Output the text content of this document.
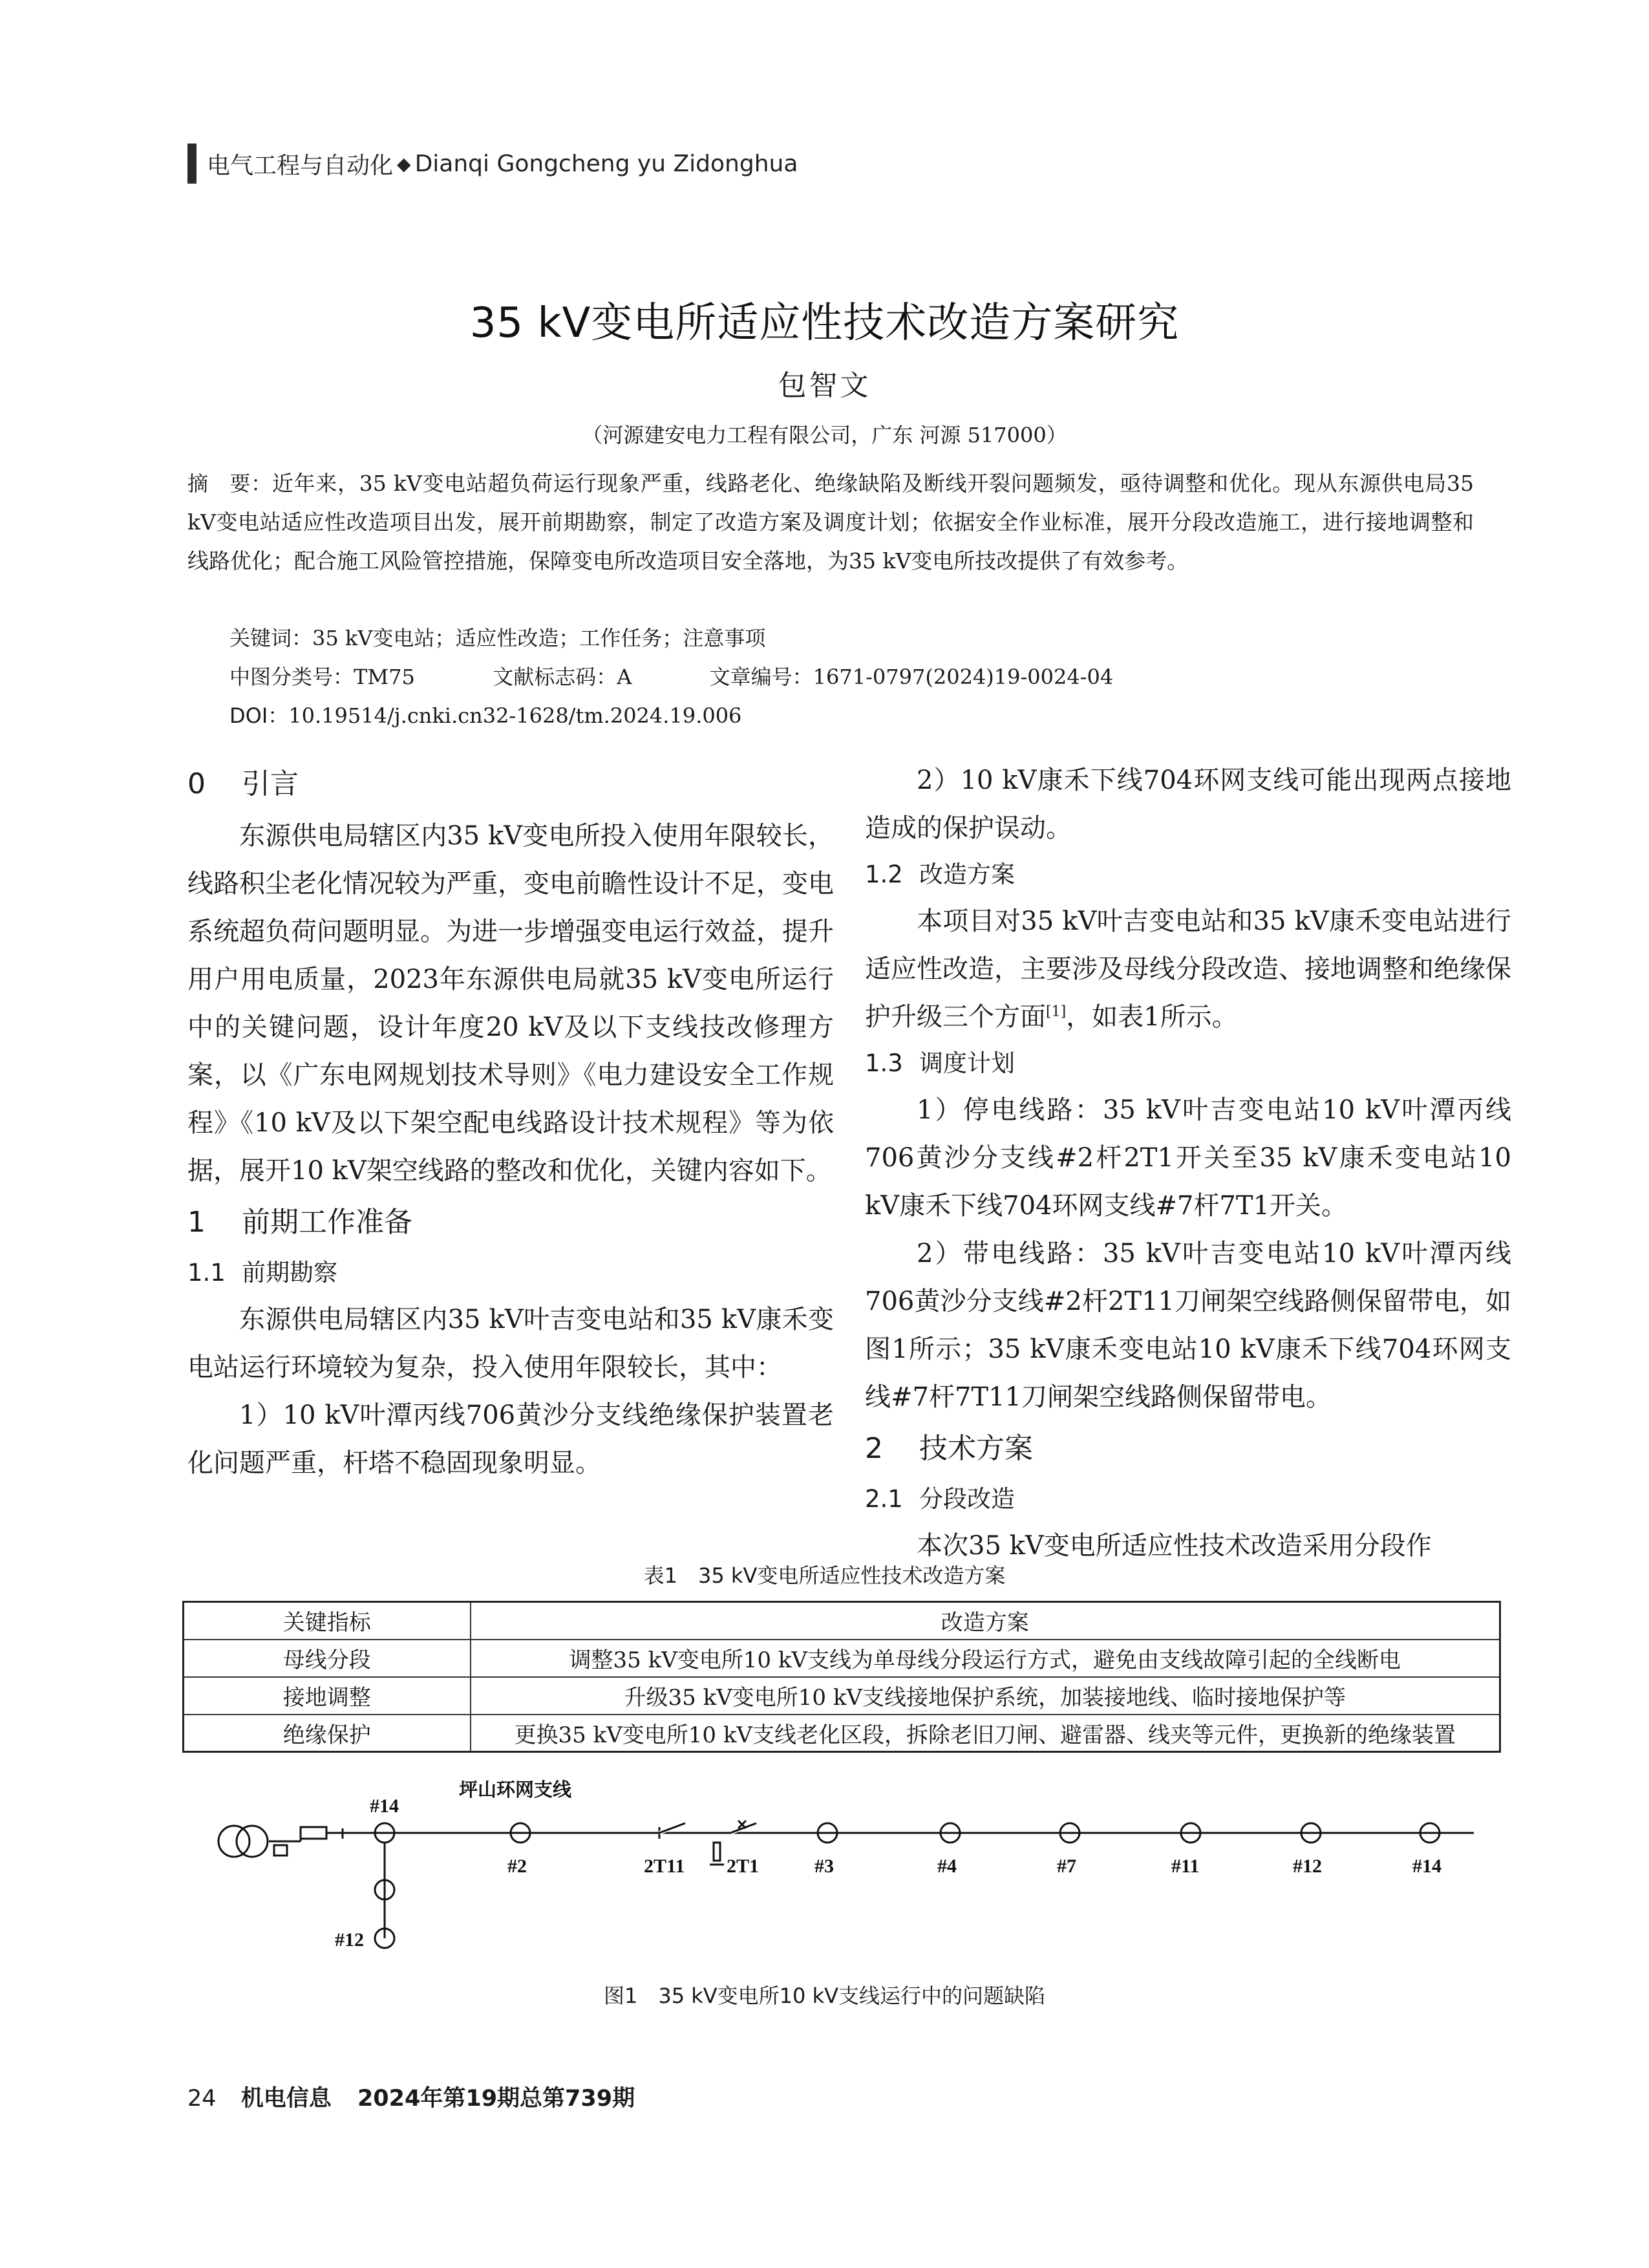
电气工程与自动化 ◆ Dianqi Gongcheng yu Zidonghua
35 kV变电所适应性技术改造方案研究
包智文
（河源建安电力工程有限公司，广东 河源 517000）
摘　要：近年来，35 kV变电站超负荷运行现象严重，线路老化、绝缘缺陷及断线开裂问题频发，亟待调整和优化。现从东源供电局35 kV变电站适应性改造项目出发，展开前期勘察，制定了改造方案及调度计划；依据安全作业标准，展开分段改造施工，进行接地调整和线路优化；配合施工风险管控措施，保障变电所改造项目安全落地，为35 kV变电所技改提供了有效参考。
关键词：35 kV变电站；适应性改造；工作任务；注意事项
中图分类号：TM75	文献标志码：A	文章编号：1671-0797(2024)19-0024-04
DOI：10.19514/j.cnki.cn32-1628/tm.2024.19.006
0 引言

东源供电局辖区内35 kV变电所投入使用年限较长，线路积尘老化情况较为严重，变电前瞻性设计不足，变电系统超负荷问题明显。为进一步增强变电运行效益，提升用户用电质量，2023年东源供电局就35 kV变电所运行中的关键问题，设计年度20 kV及以下支线技改修理方案，以《广东电网规划技术导则》《电力建设安全工作规程》《10 kV及以下架空配电线路设计技术规程》等为依据，展开10 kV架空线路的整改和优化，关键内容如下。

1 前期工作准备
1.1 前期勘察

东源供电局辖区内35 kV叶吉变电站和35 kV康禾变电站运行环境较为复杂，投入使用年限较长，其中：

1）10 kV叶潭丙线706黄沙分支线绝缘保护装置老化问题严重，杆塔不稳固现象明显。

2）10 kV康禾下线704环网支线可能出现两点接地造成的保护误动。

1.2 改造方案

本项目对35 kV叶吉变电站和35 kV康禾变电站进行适应性改造，主要涉及母线分段改造、接地调整和绝缘保护升级三个方面[1]，如表1所示。

1.3 调度计划

1）停电线路：35 kV叶吉变电站10 kV叶潭丙线706黄沙分支线#2杆2T1开关至35 kV康禾变电站10 kV康禾下线704环网支线#7杆7T1开关。

2）带电线路：35 kV叶吉变电站10 kV叶潭丙线706黄沙分支线#2杆2T11刀闸架空线路侧保留带电，如图1所示；35 kV康禾变电站10 kV康禾下线704环网支线#7杆7T11刀闸架空线路侧保留带电。

2 技术方案
2.1 分段改造

本次35 kV变电所适应性技术改造采用分段作

表1　35 kV变电所适应性技术改造方案
关键指标	改造方案
母线分段	调整35 kV变电所10 kV支线为单母线分段运行方式，避免由支线故障引起的全线断电
接地调整	升级35 kV变电所10 kV支线接地保护系统，加装接地线、临时接地保护等
绝缘保护	更换35 kV变电所10 kV支线老化区段，拆除老旧刀闸、避雷器、线夹等元件，更换新的绝缘装置
坪山环网支线
#14
#12
#2	2T11 2T1	#3	#4	#7	#11	#12	#14
图1　35 kV变电所10 kV支线运行中的问题缺陷
24 机电信息 2024年第19期总第739期
